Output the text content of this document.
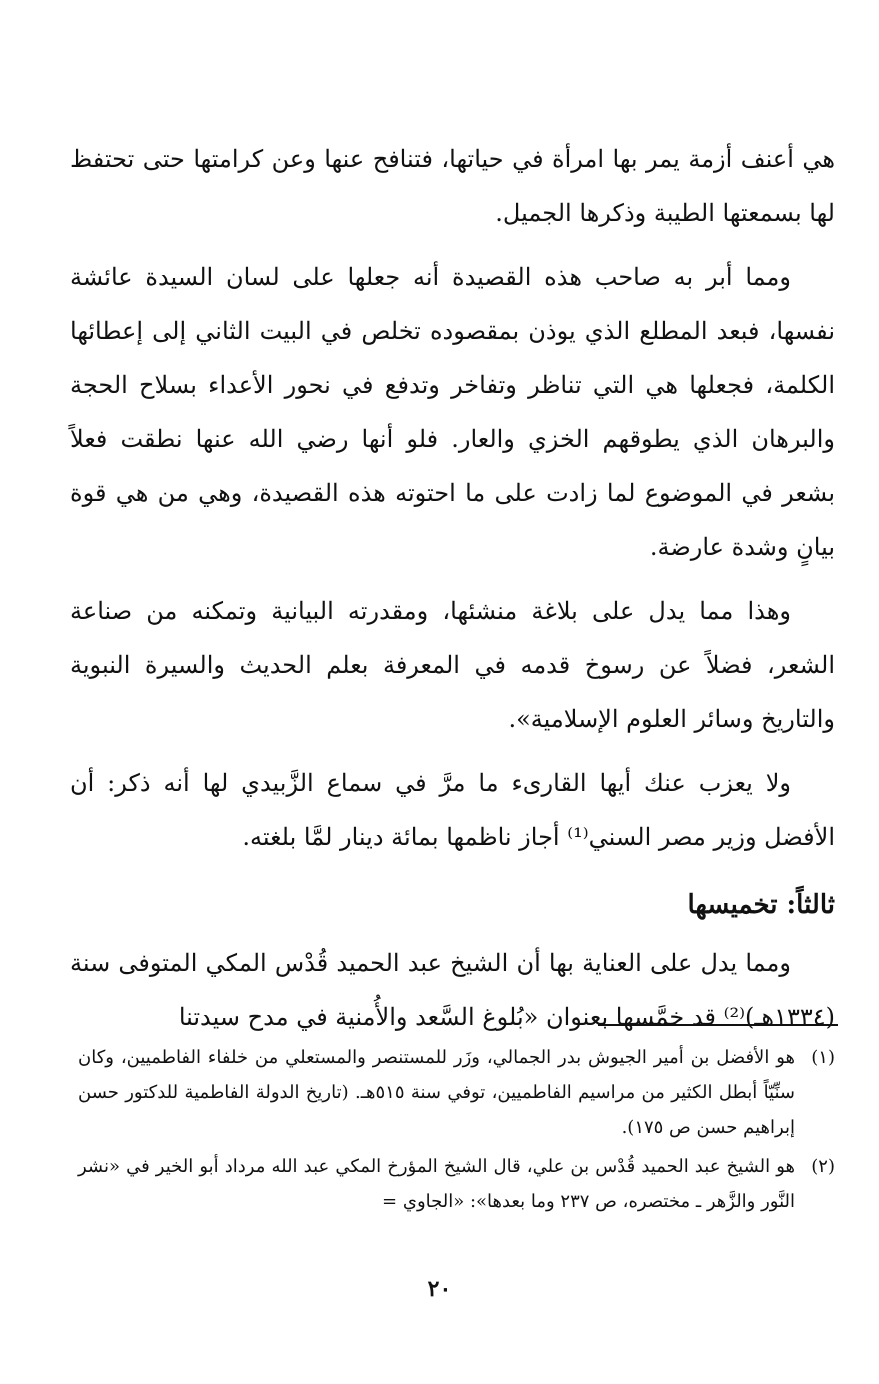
هي أعنف أزمة يمر بها امرأة في حياتها، فتنافح عنها وعن كرامتها حتى تحتفظ لها بسمعتها الطيبة وذكرها الجميل.

ومما أبر به صاحب هذه القصيدة أنه جعلها على لسان السيدة عائشة نفسها، فبعد المطلع الذي يوذن بمقصوده تخلص في البيت الثاني إلى إعطائها الكلمة، فجعلها هي التي تناظر وتفاخر وتدفع في نحور الأعداء بسلاح الحجة والبرهان الذي يطوقهم الخزي والعار. فلو أنها رضي الله عنها نطقت فعلاً بشعر في الموضوع لما زادت على ما احتوته هذه القصيدة، وهي من هي قوة بيانٍ وشدة عارضة.

وهذا مما يدل على بلاغة منشئها، ومقدرته البيانية وتمكنه من صناعة الشعر، فضلاً عن رسوخ قدمه في المعرفة بعلم الحديث والسيرة النبوية والتاريخ وسائر العلوم الإسلامية».

ولا يعزب عنك أيها القارىء ما مرَّ في سماع الزَّبيدي لها أنه ذكر: أن الأفضل وزير مصر السني⁽¹⁾ أجاز ناظمها بمائة دينار لمَّا بلغته.

ثالثاً: تخميسها

ومما يدل على العناية بها أن الشيخ عبد الحميد قُدْس المكي المتوفى سنة (١٣٣٤هـ)⁽²⁾ قد خمَّسها بعنوان «بُلوغ السَّعد والأُمنية في مدح سيدتنا

(١)
هو الأفضل بن أمير الجيوش بدر الجمالي، وزَر للمستنصر والمستعلي من خلفاء الفاطميين، وكان سنِّيّاً أبطل الكثير من مراسيم الفاطميين، توفي سنة ٥١٥هـ. (تاريخ الدولة الفاطمية للدكتور حسن إبراهيم حسن ص ١٧٥).
(٢)
هو الشيخ عبد الحميد قُدْس بن علي، قال الشيخ المؤرخ المكي عبد الله مرداد أبو الخير في «نشر النَّور والزَّهر ـ مختصره، ص ٢٣٧ وما بعدها»: «الجاوي =
٢٠
